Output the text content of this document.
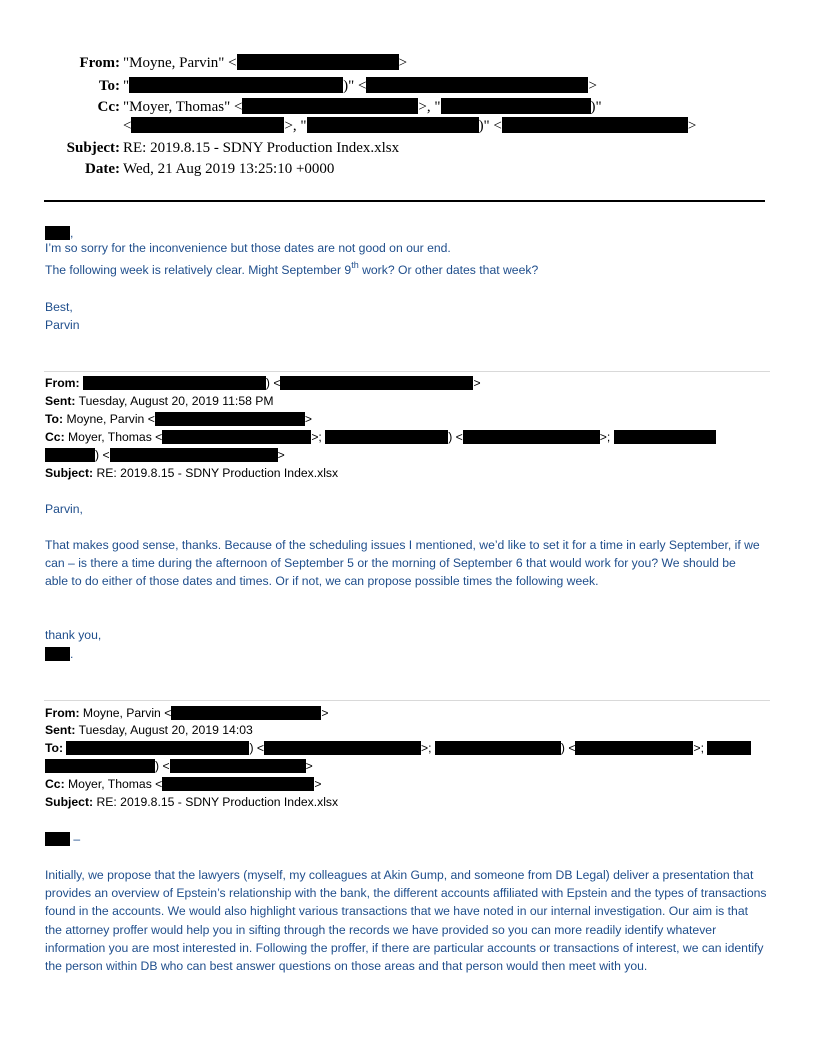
From: "Moyne, Parvin" <	>
To: "	)" <	>
Cc: "Moyer, Thomas" <	>, "	)"
<	>, "	)" <	>
Subject: RE: 2019.8.15 - SDNY Production Index.xlsx
Date: Wed, 21 Aug 2019 13:25:10 +0000
,
I’m so sorry for the inconvenience but those dates are not good on our end.
The following week is relatively clear. Might September 9th work? Or other dates that week?
Best,
Parvin
From:	) <	>
Sent: Tuesday, August 20, 2019 11:58 PM
To: Moyne, Parvin <	>
Cc: Moyer, Thomas <	>;	) <	>;
) <	>
Subject: RE: 2019.8.15 - SDNY Production Index.xlsx
Parvin,
That makes good sense, thanks. Because of the scheduling issues I mentioned, we’d like to set it for a time in early September, if we can – is there a time during the afternoon of September 5 or the morning of September 6 that would work for you? We should be able to do either of those dates and times. Or if not, we can propose possible times the following week.
thank you,
.
From: Moyne, Parvin <	>
Sent: Tuesday, August 20, 2019 14:03
To:	) <	>;	) <	>;
) <	>
Cc: Moyer, Thomas <	>
Subject: RE: 2019.8.15 - SDNY Production Index.xlsx
–
Initially, we propose that the lawyers (myself, my colleagues at Akin Gump, and someone from DB Legal) deliver a presentation that provides an overview of Epstein’s relationship with the bank, the different accounts affiliated with Epstein and the types of transactions found in the accounts. We would also highlight various transactions that we have noted in our internal investigation. Our aim is that the attorney proffer would help you in sifting through the records we have provided so you can more readily identify whatever information you are most interested in. Following the proffer, if there are particular accounts or transactions of interest, we can identify the person within DB who can best answer questions on those areas and that person would then meet with you.
